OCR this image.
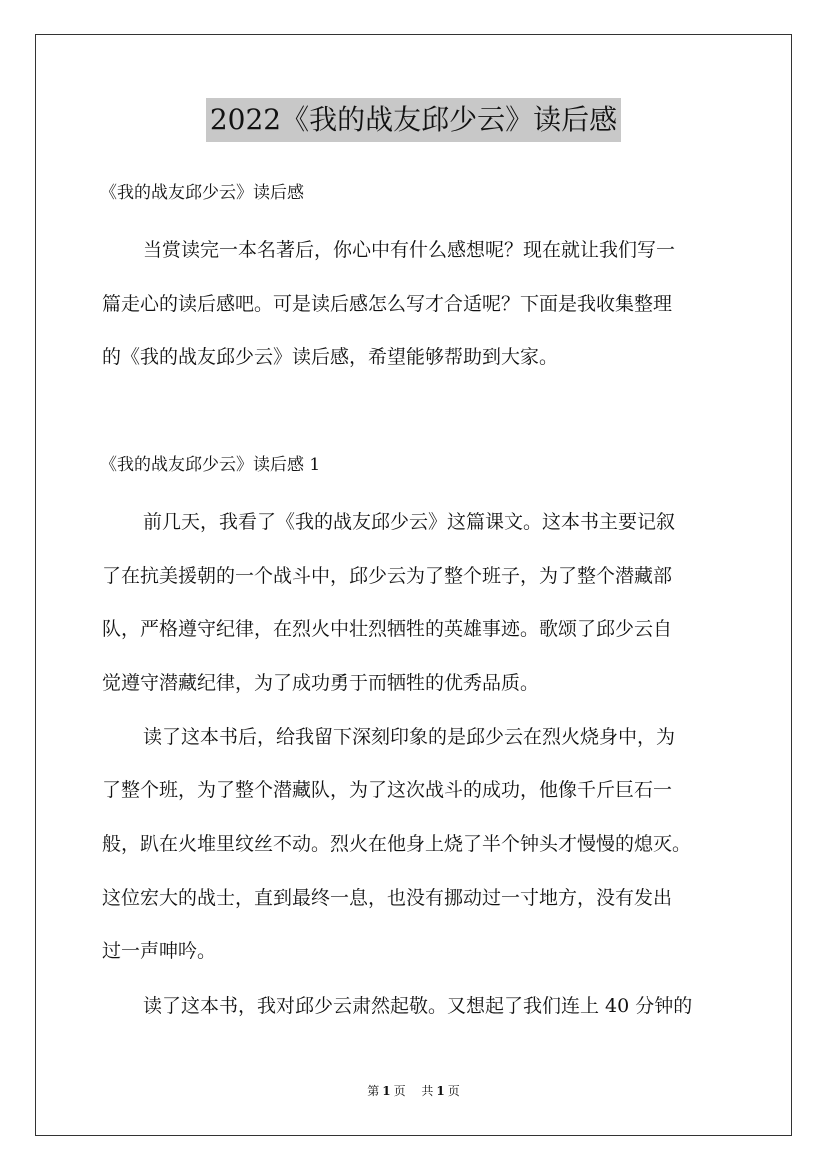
2022《我的战友邱少云》读后感
《我的战友邱少云》读后感
当赏读完一本名著后，你心中有什么感想呢？现在就让我们写一
篇走心的读后感吧。可是读后感怎么写才合适呢？下面是我收集整理
的《我的战友邱少云》读后感，希望能够帮助到大家。
《我的战友邱少云》读后感 1
前几天，我看了《我的战友邱少云》这篇课文。这本书主要记叙
了在抗美援朝的一个战斗中，邱少云为了整个班子，为了整个潜藏部
队，严格遵守纪律，在烈火中壮烈牺牲的英雄事迹。歌颂了邱少云自
觉遵守潜藏纪律，为了成功勇于而牺牲的优秀品质。
读了这本书后，给我留下深刻印象的是邱少云在烈火烧身中，为
了整个班，为了整个潜藏队，为了这次战斗的成功，他像千斤巨石一
般，趴在火堆里纹丝不动。烈火在他身上烧了半个钟头才慢慢的熄灭。
这位宏大的战士，直到最终一息，也没有挪动过一寸地方，没有发出
过一声呻吟。
读了这本书，我对邱少云肃然起敬。又想起了我们连上 40 分钟的
第 1 页 共 1 页
